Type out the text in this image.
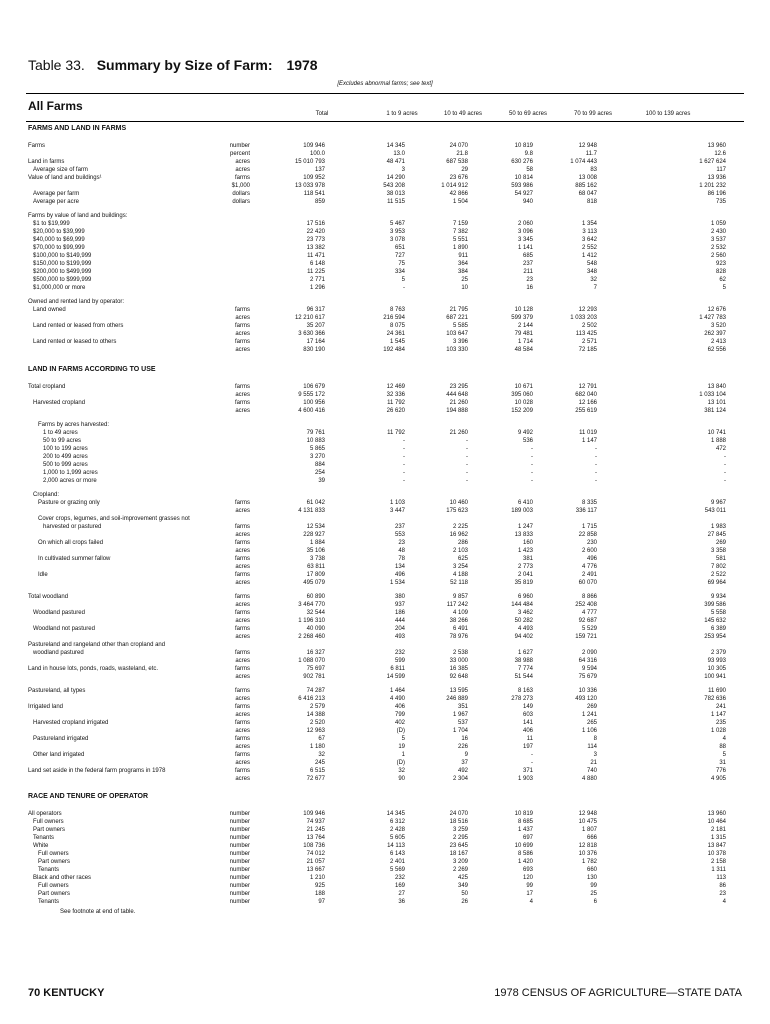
Table 33. Summary by Size of Farm: 1978
[Excludes abnormal farms; see text]
All Farms
Total	1 to 9 acres	10 to 49 acres	50 to 69 acres	70 to 99 acres	100 to 139 acres
FARMS AND LAND IN FARMS
Farms	number	109 946	14 345	24 070	10 819	12 948	13 960
percent	100.0	13.0	21.8	9.8	11.7	12.6
Land in farms	acres	15 010 793	48 471	687 538	630 276	1 074 443	1 627 624
Average size of farm	acres	137	3	29	58	83	117
Value of land and buildings¹	farms	109 952	14 290	23 676	10 814	13 008	13 936
$1,000	13 033 978	543 208	1 014 912	593 986	885 162	1 201 232
Average per farm	dollars	118 541	38 013	42 866	54 927	68 047	86 196
Average per acre	dollars	859	11 515	1 504	940	818	735
Farms by value of land and buildings:
$1 to $19,999	17 516	5 467	7 159	2 060	1 354	1 059
$20,000 to $39,999	22 420	3 953	7 382	3 096	3 113	2 430
$40,000 to $69,999	23 773	3 078	5 551	3 345	3 642	3 537
$70,000 to $99,999	13 382	651	1 890	1 141	2 552	2 532
$100,000 to $149,999	11 471	727	911	685	1 412	2 560
$150,000 to $199,999	6 148	75	364	237	548	923
$200,000 to $499,999	11 225	334	384	211	348	828
$500,000 to $999,999	2 771	5	25	23	32	62
$1,000,000 or more	1 296	-	10	16	7	5
Owned and rented land by operator:
Land owned	farms	96 317	8 763	21 795	10 128	12 293	12 676
acres	12 210 617	216 594	687 221	599 379	1 033 203	1 427 783
Land rented or leased from others	farms	35 207	8 075	5 585	2 144	2 502	3 520
acres	3 630 366	24 361	103 647	79 481	113 425	262 397
Land rented or leased to others	farms	17 164	1 545	3 396	1 714	2 571	2 413
acres	830 190	192 484	103 330	48 584	72 185	62 556
LAND IN FARMS ACCORDING TO USE
Total cropland	farms	106 679	12 469	23 295	10 671	12 791	13 840
acres	9 555 172	32 336	444 648	395 060	682 040	1 033 104
Harvested cropland	farms	100 956	11 792	21 260	10 028	12 166	13 101
acres	4 600 416	26 620	194 888	152 209	255 619	381 124
Farms by acres harvested:
1 to 49 acres	79 761	11 792	21 260	9 492	11 019	10 741
50 to 99 acres	10 883	-	-	536	1 147	1 888
100 to 199 acres	5 865	-	-	-	-	472
200 to 499 acres	3 270	-	-	-	-	-
500 to 999 acres	884	-	-	-	-	-
1,000 to 1,999 acres	254	-	-	-	-	-
2,000 acres or more	39	-	-	-	-	-
Cropland:
Pasture or grazing only	farms	61 042	1 103	10 460	6 410	8 335	9 967
acres	4 131 833	3 447	175 623	189 003	336 117	543 011
Cover crops, legumes, and soil-improvement grasses not
harvested or pastured	farms	12 534	237	2 225	1 247	1 715	1 983
acres	228 927	553	16 962	13 833	22 858	27 845
On which all crops failed	farms	1 884	23	286	160	230	269
acres	35 106	48	2 103	1 423	2 600	3 358
In cultivated summer fallow	farms	3 738	78	625	381	496	581
acres	63 811	134	3 254	2 773	4 776	7 802
Idle	farms	17 809	496	4 188	2 041	2 491	2 522
acres	495 079	1 534	52 118	35 819	60 070	69 964
Total woodland	farms	60 890	380	9 857	6 960	8 866	9 934
acres	3 464 770	937	117 242	144 484	252 408	399 586
Woodland pastured	farms	32 544	186	4 109	3 462	4 777	5 558
acres	1 196 310	444	38 266	50 282	92 687	145 632
Woodland not pastured	farms	40 090	204	6 491	4 493	5 529	6 389
acres	2 268 460	493	78 976	94 402	159 721	253 954
Pastureland and rangeland other than cropland and
woodland pastured	farms	16 327	232	2 538	1 627	2 090	2 379
acres	1 088 070	599	33 000	38 988	64 316	93 993
Land in house lots, ponds, roads, wasteland, etc.	farms	75 697	6 811	16 385	7 774	9 594	10 305
acres	902 781	14 599	92 648	51 544	75 679	100 941
Pastureland, all types	farms	74 287	1 464	13 595	8 163	10 336	11 690
acres	6 416 213	4 490	246 889	278 273	493 120	782 636
Irrigated land	farms	2 579	406	351	149	269	241
acres	14 388	799	1 967	603	1 241	1 147
Harvested cropland irrigated	farms	2 520	402	537	141	265	235
acres	12 963	(D)	1 704	406	1 106	1 028
Pastureland irrigated	farms	67	5	16	11	8	4
acres	1 180	19	226	197	114	88
Other land irrigated	farms	32	1	9	-	3	5
acres	245	(D)	37	-	21	31
Land set aside in the federal farm programs in 1978	farms	6 515	32	492	371	740	776
acres	72 677	90	2 304	1 903	4 880	4 905
RACE AND TENURE OF OPERATOR
All operators	number	109 946	14 345	24 070	10 819	12 948	13 960
Full owners	number	74 937	6 312	18 516	8 685	10 475	10 464
Part owners	number	21 245	2 428	3 259	1 437	1 807	2 181
Tenants	number	13 764	5 605	2 295	697	666	1 315
White	number	108 736	14 113	23 645	10 699	12 818	13 847
Full owners	number	74 012	6 143	18 167	8 586	10 376	10 378
Part owners	number	21 057	2 401	3 209	1 420	1 782	2 158
Tenants	number	13 667	5 569	2 269	693	660	1 311
Black and other races	number	1 210	232	425	120	130	113
Full owners	number	925	169	349	99	99	86
Part owners	number	188	27	50	17	25	23
Tenants	number	97	36	26	4	6	4
See footnote at end of table.
70 KENTUCKY	1978 CENSUS OF AGRICULTURE—STATE DATA
